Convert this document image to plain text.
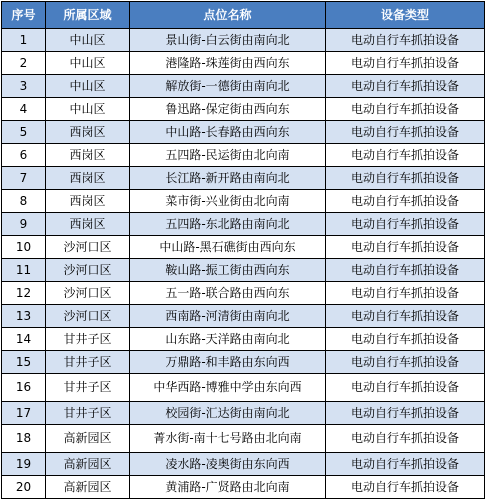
序号	所属区域	点位名称	设备类型
1	中山区	景山街-白云街由南向北	电动自行车抓拍设备
2	中山区	港隆路-珠莲街由西向东	电动自行车抓拍设备
3	中山区	解放街-一德街由南向北	电动自行车抓拍设备
4	中山区	鲁迅路-保定街由西向东	电动自行车抓拍设备
5	西岗区	中山路-长春路由西向东	电动自行车抓拍设备
6	西岗区	五四路-民运街由北向南	电动自行车抓拍设备
7	西岗区	长江路-新开路由南向北	电动自行车抓拍设备
8	西岗区	菜市街-兴业街由北向南	电动自行车抓拍设备
9	西岗区	五四路-东北路由南向北	电动自行车抓拍设备
10	沙河口区	中山路-黑石礁街由西向东	电动自行车抓拍设备
11	沙河口区	鞍山路-振工街由西向东	电动自行车抓拍设备
12	沙河口区	五一路-联合路由西向东	电动自行车抓拍设备
13	沙河口区	西南路-河清街由南向北	电动自行车抓拍设备
14	甘井子区	山东路-天洋路由南向北	电动自行车抓拍设备
15	甘井子区	万鼎路-和丰路由东向西	电动自行车抓拍设备
16	甘井子区	中华西路-博雅中学由东向西	电动自行车抓拍设备
17	甘井子区	校园街-汇达街由南向北	电动自行车抓拍设备
18	高新园区	菁水街-南十七号路由北向南	电动自行车抓拍设备
19	高新园区	凌水路-凌奥街由东向西	电动自行车抓拍设备
20	高新园区	黄浦路-广贤路由北向南	电动自行车抓拍设备
